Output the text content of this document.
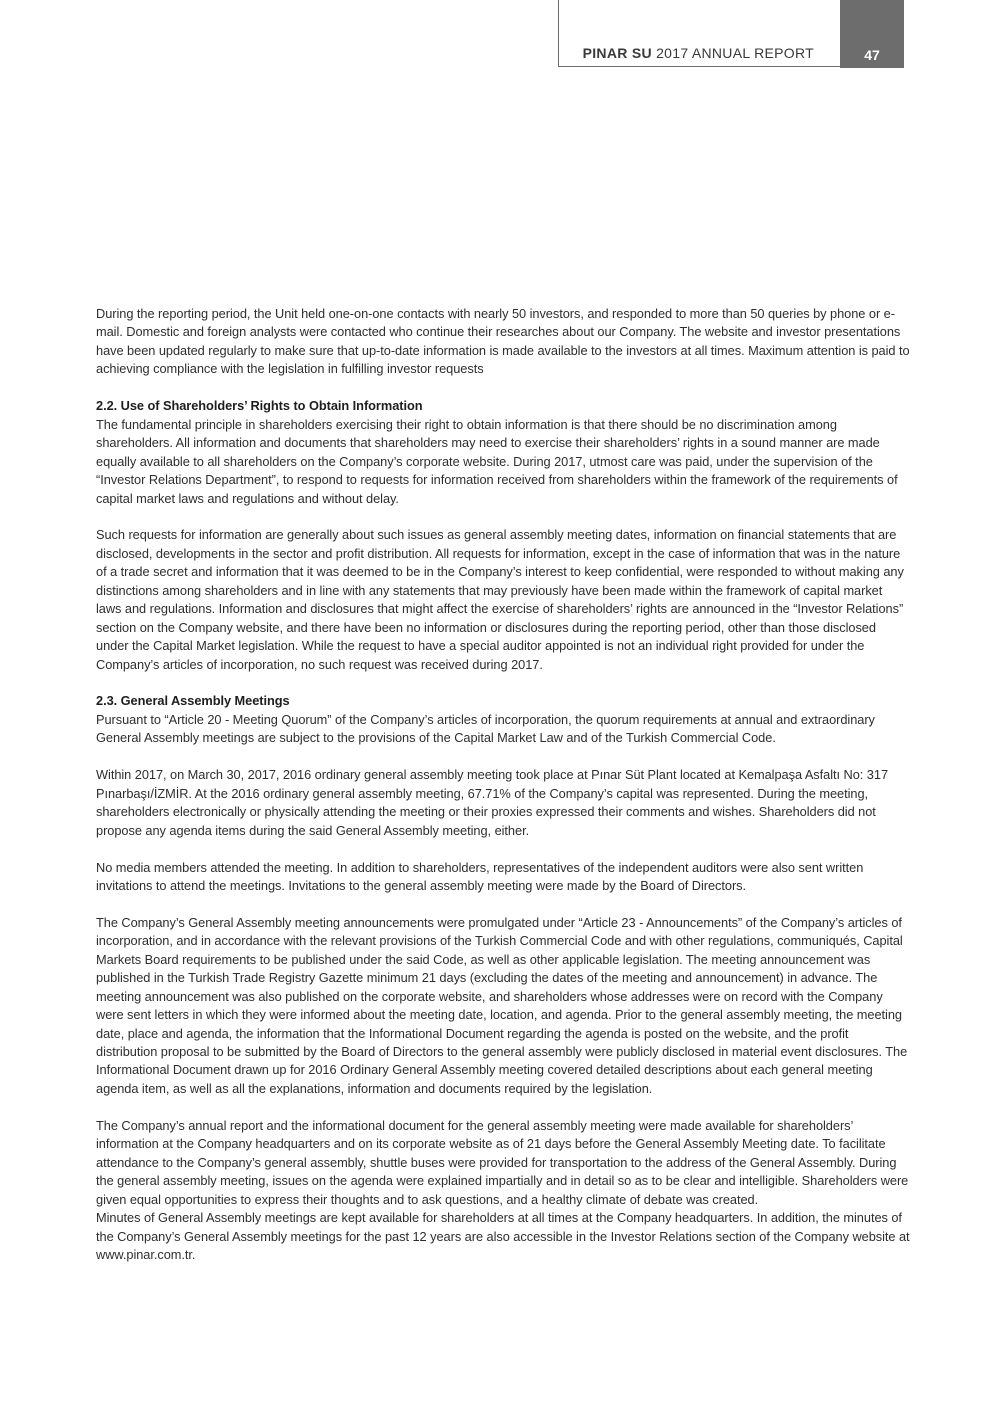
PINAR SU 2017 ANNUAL REPORT	47

During the reporting period, the Unit held one-on-one contacts with nearly 50 investors, and responded to more than 50 queries by phone or e-mail. Domestic and foreign analysts were contacted who continue their researches about our Company. The website and investor presentations have been updated regularly to make sure that up-to-date information is made available to the investors at all times. Maximum attention is paid to achieving compliance with the legislation in fulfilling investor requests

2.2. Use of Shareholders’ Rights to Obtain Information

The fundamental principle in shareholders exercising their right to obtain information is that there should be no discrimination among shareholders. All information and documents that shareholders may need to exercise their shareholders’ rights in a sound manner are made equally available to all shareholders on the Company’s corporate website. During 2017, utmost care was paid, under the supervision of the “Investor Relations Department”, to respond to requests for information received from shareholders within the framework of the requirements of capital market laws and regulations and without delay.

Such requests for information are generally about such issues as general assembly meeting dates, information on financial statements that are disclosed, developments in the sector and profit distribution. All requests for information, except in the case of information that was in the nature of a trade secret and information that it was deemed to be in the Company’s interest to keep confidential, were responded to without making any distinctions among shareholders and in line with any statements that may previously have been made within the framework of capital market laws and regulations. Information and disclosures that might affect the exercise of shareholders’ rights are announced in the “Investor Relations” section on the Company website, and there have been no information or disclosures during the reporting period, other than those disclosed under the Capital Market legislation. While the request to have a special auditor appointed is not an individual right provided for under the Company’s articles of incorporation, no such request was received during 2017.

2.3. General Assembly Meetings

Pursuant to “Article 20 - Meeting Quorum” of the Company’s articles of incorporation, the quorum requirements at annual and extraordinary General Assembly meetings are subject to the provisions of the Capital Market Law and of the Turkish Commercial Code.

Within 2017, on March 30, 2017, 2016 ordinary general assembly meeting took place at Pınar Süt Plant located at Kemalpaşa Asfaltı No: 317 Pınarbaşı/İZMİR. At the 2016 ordinary general assembly meeting, 67.71% of the Company’s capital was represented. During the meeting, shareholders electronically or physically attending the meeting or their proxies expressed their comments and wishes. Shareholders did not propose any agenda items during the said General Assembly meeting, either.

No media members attended the meeting. In addition to shareholders, representatives of the independent auditors were also sent written invitations to attend the meetings. Invitations to the general assembly meeting were made by the Board of Directors.

The Company’s General Assembly meeting announcements were promulgated under “Article 23 - Announcements” of the Company’s articles of incorporation, and in accordance with the relevant provisions of the Turkish Commercial Code and with other regulations, communiqués, Capital Markets Board requirements to be published under the said Code, as well as other applicable legislation. The meeting announcement was published in the Turkish Trade Registry Gazette minimum 21 days (excluding the dates of the meeting and announcement) in advance. The meeting announcement was also published on the corporate website, and shareholders whose addresses were on record with the Company were sent letters in which they were informed about the meeting date, location, and agenda. Prior to the general assembly meeting, the meeting date, place and agenda, the information that the Informational Document regarding the agenda is posted on the website, and the profit distribution proposal to be submitted by the Board of Directors to the general assembly were publicly disclosed in material event disclosures. The Informational Document drawn up for 2016 Ordinary General Assembly meeting covered detailed descriptions about each general meeting agenda item, as well as all the explanations, information and documents required by the legislation.

The Company’s annual report and the informational document for the general assembly meeting were made available for shareholders’ information at the Company headquarters and on its corporate website as of 21 days before the General Assembly Meeting date. To facilitate attendance to the Company’s general assembly, shuttle buses were provided for transportation to the address of the General Assembly. During the general assembly meeting, issues on the agenda were explained impartially and in detail so as to be clear and intelligible. Shareholders were given equal opportunities to express their thoughts and to ask questions, and a healthy climate of debate was created.

Minutes of General Assembly meetings are kept available for shareholders at all times at the Company headquarters. In addition, the minutes of the Company’s General Assembly meetings for the past 12 years are also accessible in the Investor Relations section of the Company website at www.pinar.com.tr.
